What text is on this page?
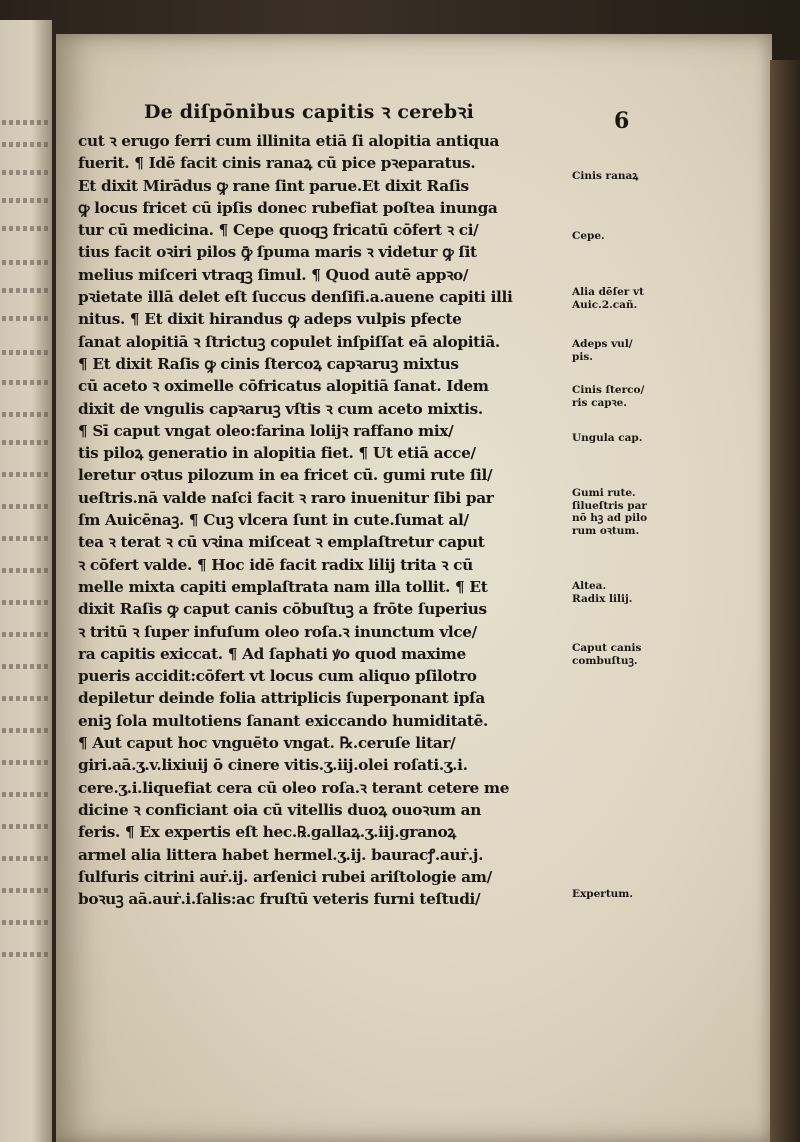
De diſpōnibus capitis ꝛ cerebꝛi	6
cut ꝛ erugo ferri cum illinita etiā ſi alopitia antiqua
fuerit. ¶ Idē facit cinis ranaꝝ cū pice pꝛeparatus.
Et dixit Mirādus ꝙ rane ſint parue.Et dixit Raſis
ꝙ locus fricet cū ipſis donec rubefiat poſtea inunga
tur cū medicina. ¶ Cepe quoqꝫ fricatū cōfert ꝛ ci/
tius facit oꝛiri pilos ꝙ̄ ſpuma maris ꝛ videtur ꝙ ſit
melius miſceri vtraqꝫ ſimul. ¶ Quod autē appꝛo/
pꝛietate illā delet eſt ſuccus denſifi.a.auene capiti illi
nitus. ¶ Et dixit hirandus ꝙ adeps vulpis pfecte
ſanat alopitiā ꝛ ſtrictuꝫ copulet inſpiſſat eā alopitiā.
¶ Et dixit Raſis ꝙ cinis ſtercoꝝ capꝛaruꝫ mixtus
cū aceto ꝛ oximelle cōfricatus alopitiā ſanat. Idem
dixit de vngulis capꝛaruꝫ vſtis ꝛ cum aceto mixtis.
¶ Sī caput vngat oleo:farina lolijꝛ raffano mix/
tis piloꝝ generatio in alopitia fiet. ¶ Ut etiā acce/
leretur oꝛtus pilozum in ea fricet cū. gumi rute ſil/
ueſtris.nā valde naſci facit ꝛ raro inuenitur ſibi par
ſm Auicēnaꝫ. ¶ Cuꝫ vlcera ſunt in cute.ſumat al/
tea ꝛ terat ꝛ cū vꝛina miſceat ꝛ emplaſtretur caput
ꝛ cōfert valde. ¶ Hoc idē facit radix lilij trita ꝛ cū
melle mixta capiti emplaſtrata nam illa tollit. ¶ Et
dixit Raſis ꝙ caput canis cōbuſtuꝫ a frōte ſuperius
ꝛ tritū ꝛ ſuper infuſum oleo roſa.ꝛ inunctum vlce/
ra capitis exiccat. ¶ Ad ſaphati ꝟo quod maxime
pueris accidit:cōfert vt locus cum aliquo pſilotro
depiletur deinde folia attriplicis ſuperponant ipſa
eniꝫ ſola multotiens ſanant exiccando humiditatē.
¶ Aut caput hoc vnguēto vngat. ℞.ceruſe litar/
giri.aā.ʒ.v.lixiuij ō cinere vitis.ʒ.iij.olei roſati.ʒ.i.
cere.ʒ.i.liquefiat cera cū oleo roſa.ꝛ terant cetere me
dicine ꝛ conficiant oia cū vitellis duoꝝ ouoꝛum an
feris. ¶ Ex expertis eſt hec.℞.gallaꝝ.ʒ.iij.granoꝝ
armel alia littera habet hermel.ʒ.ij. bauracꝭ.auṙ.j.
ſulfuris citrini auṙ.ij. arſenici rubei ariſtologie am/
boꝛuꝫ aā.auṙ.i.ſalis:ac fruſtū veteris furni teſtudi/
Cinis ranaꝝ
Cepe.
Alia dēſer vt
Auic.2.cañ.
Adeps vul/
pis.
Cinis ſterco/
ris capꝛe.
Ungula cap.
Gumi rute.
ſilueſtris par
nō hꝫ ad pilo
rum oꝛtum.
Altea.
Radix lilij.
Caput canis
combuſtuꝫ.
Expertum.
